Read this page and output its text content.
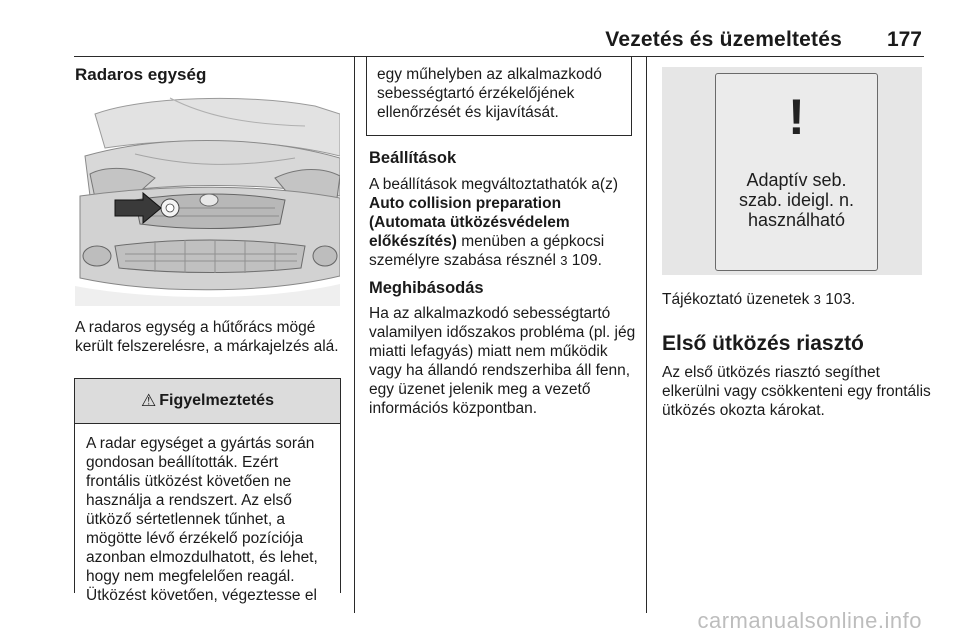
Vezetés és üzemeltetés 177
Radaros egység
A radaros egység a hűtőrács mögé került felszerelésre, a márkajelzés alá.
⚠ Figyelmeztetés
A radar egységet a gyártás során gondosan beállították. Ezért frontális ütközést követően ne használja a rendszert. Az első ütköző sértetlennek tűnhet, a mögötte lévő érzékelő pozíciója azonban elmozdulhatott, és lehet, hogy nem megfelelően reagál. Ütközést követően, végeztesse el

egy műhelyben az alkalmazkodó sebességtartó érzékelőjének ellenőrzését és kijavítását.

Beállítások
A beállítások megváltoztathatók a(z) Auto collision preparation (Automata ütközésvédelem előkészítés) menüben a gépkocsi személyre szabása résznél 3 109.
Meghibásodás
Ha az alkalmazkodó sebességtartó valamilyen időszakos probléma (pl. jég miatti lefagyás) miatt nem működik vagy ha állandó rendszerhiba áll fenn, egy üzenet jelenik meg a vezető információs központban.
!
Adaptív seb.
szab. ideigl. n.
használható
Tájékoztató üzenetek 3 103.
Első ütközés riasztó
Az első ütközés riasztó segíthet elkerülni vagy csökkenteni egy frontális ütközés okozta károkat.
carmanualsonline.info
